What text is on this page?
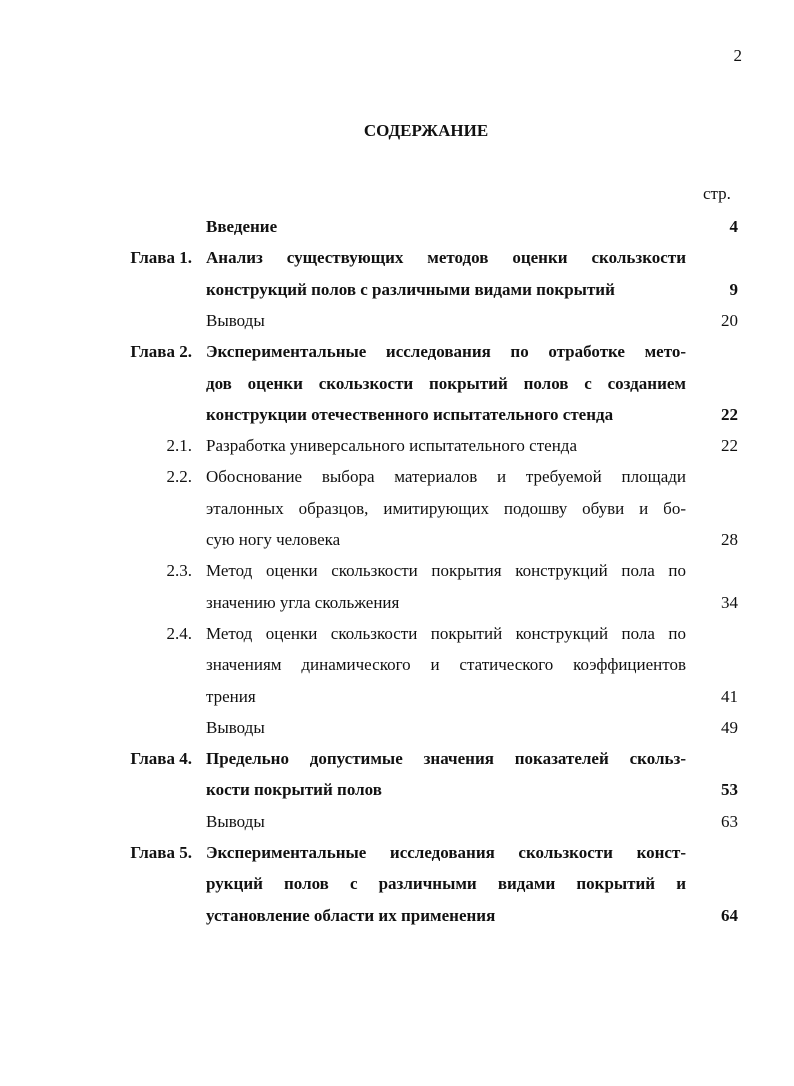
2
СОДЕРЖАНИЕ
стр.
Введение	4
Глава 1. Анализ существующих методов оценки скользкости
конструкций полов с различными видами покрытий	9
Выводы	20
Глава 2. Экспериментальные исследования по отработке мето-
дов оценки скользкости покрытий полов с созданием
конструкции отечественного испытательного стенда	22
2.1. Разработка универсального испытательного стенда	22
2.2. Обоснование выбора материалов и требуемой площади
эталонных образцов, имитирующих подошву обуви и бо-
сую ногу человека	28
2.3. Метод оценки скользкости покрытия конструкций пола по
значению угла скольжения	34
2.4. Метод оценки скользкости покрытий конструкций пола по
значениям динамического и статического коэффициентов
трения	41
Выводы	49
Глава 4. Предельно допустимые значения показателей скольз-
кости покрытий полов	53
Выводы	63
Глава 5. Экспериментальные исследования скользкости конст-
рукций полов с различными видами покрытий и
установление области их применения	64
